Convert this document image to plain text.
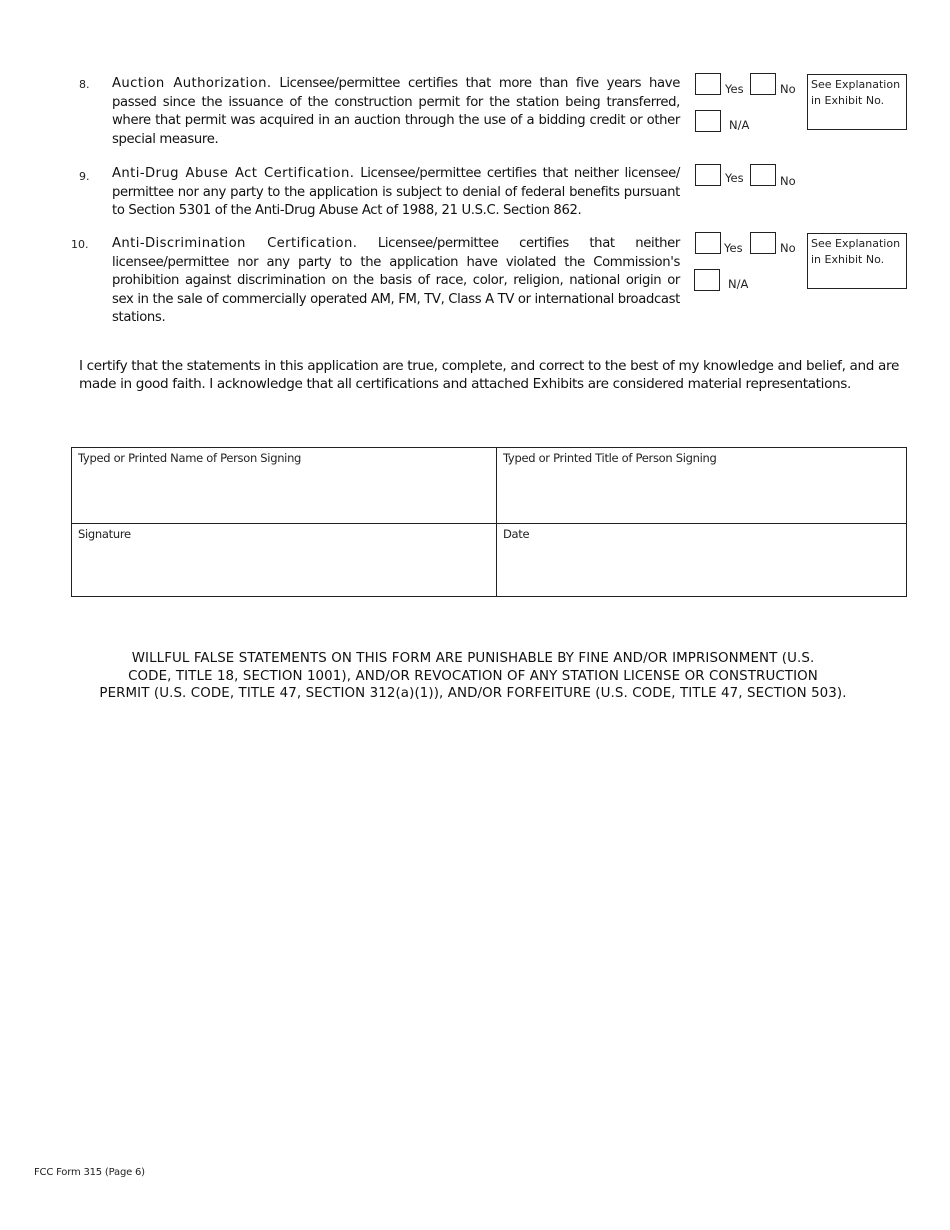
8. Auction Authorization. Licensee/permittee certifies that more than five years have passed since the issuance of the construction permit for the station being transferred, where that permit was acquired in an auction through the use of a bidding credit or other special measure.
Yes	No
N/A
See Explanation in Exhibit No.
9. Anti-Drug Abuse Act Certification. Licensee/permittee certifies that neither licensee/ permittee nor any party to the application is subject to denial of federal benefits pursuant to Section 5301 of the Anti-Drug Abuse Act of 1988, 21 U.S.C. Section 862.
Yes	No
10. Anti-Discrimination Certification. Licensee/permittee certifies that neither licensee/permittee nor any party to the application have violated the Commission's prohibition against discrimination on the basis of race, color, religion, national origin or sex in the sale of commercially operated AM, FM, TV, Class A TV or international broadcast stations.
Yes	No
N/A
See Explanation in Exhibit No.
I certify that the statements in this application are true, complete, and correct to the best of my knowledge and belief, and are made in good faith. I acknowledge that all certifications and attached Exhibits are considered material representations.
Typed or Printed Name of Person Signing	Typed or Printed Title of Person Signing
Signature	Date
WILLFUL FALSE STATEMENTS ON THIS FORM ARE PUNISHABLE BY FINE AND/OR IMPRISONMENT (U.S.
CODE, TITLE 18, SECTION 1001), AND/OR REVOCATION OF ANY STATION LICENSE OR CONSTRUCTION
PERMIT (U.S. CODE, TITLE 47, SECTION 312(a)(1)), AND/OR FORFEITURE (U.S. CODE, TITLE 47, SECTION 503).
FCC Form 315 (Page 6)
